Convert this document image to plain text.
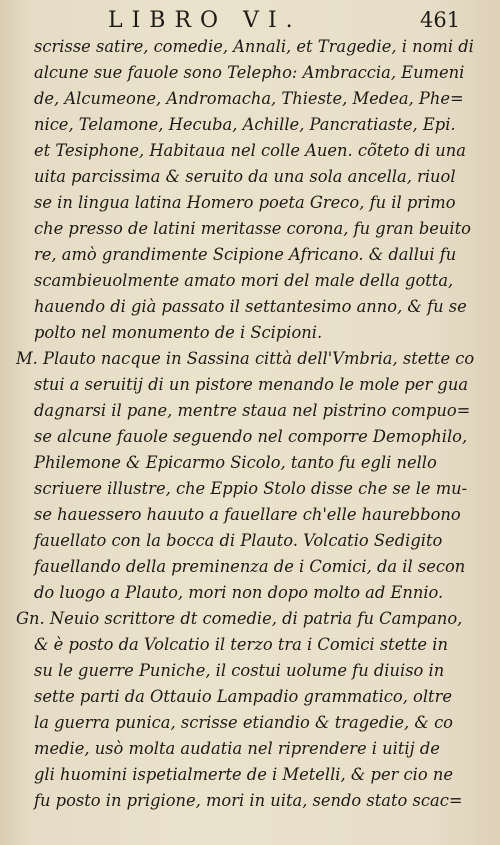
LIBRO VI.	461
scrisse satire, comedie, Annali, et Tragedie, i nomi di
alcune sue fauole sono Telepho: Ambraccia, Eumeni
de, Alcumeone, Andromacha, Thieste, Medea, Phe=
nice, Telamone, Hecuba, Achille, Pancratiaste, Epi.
et Tesiphone, Habitaua nel colle Auen. cõteto di una
uita parcissima & seruito da una sola ancella, riuol
se in lingua latina Homero poeta Greco, fu il primo
che presso de latini meritasse corona, fu gran beuito
re, amò grandimente Scipione Africano. & dallui fu
scambieuolmente amato mori del male della gotta,
hauendo di già passato il settantesimo anno, & fu se
polto nel monumento de i Scipioni.
M. Plauto nacque in Sassina città dell'Vmbria, stette co
stui a seruitij di un pistore menando le mole per gua
dagnarsi il pane, mentre staua nel pistrino compuo=
se alcune fauole seguendo nel comporre Demophilo,
Philemone & Epicarmo Sicolo, tanto fu egli nello
scriuere illustre, che Eppio Stolo disse che se le mu-
se hauessero hauuto a fauellare ch'elle haurebbono
fauellato con la bocca di Plauto. Volcatio Sedigito
fauellando della preminenza de i Comici, da il secon
do luogo a Plauto, mori non dopo molto ad Ennio.
Gn. Neuio scrittore dt comedie, di patria fu Campano,
& è posto da Volcatio il terzo tra i Comici stette in
su le guerre Puniche, il costui uolume fu diuiso in
sette parti da Ottauio Lampadio grammatico, oltre
la guerra punica, scrisse etiandio & tragedie, & co
medie, usò molta audatia nel riprendere i uitij de
gli huomini ispetialmerte de i Metelli, & per cio ne
fu posto in prigione, mori in uita, sendo stato scac=
